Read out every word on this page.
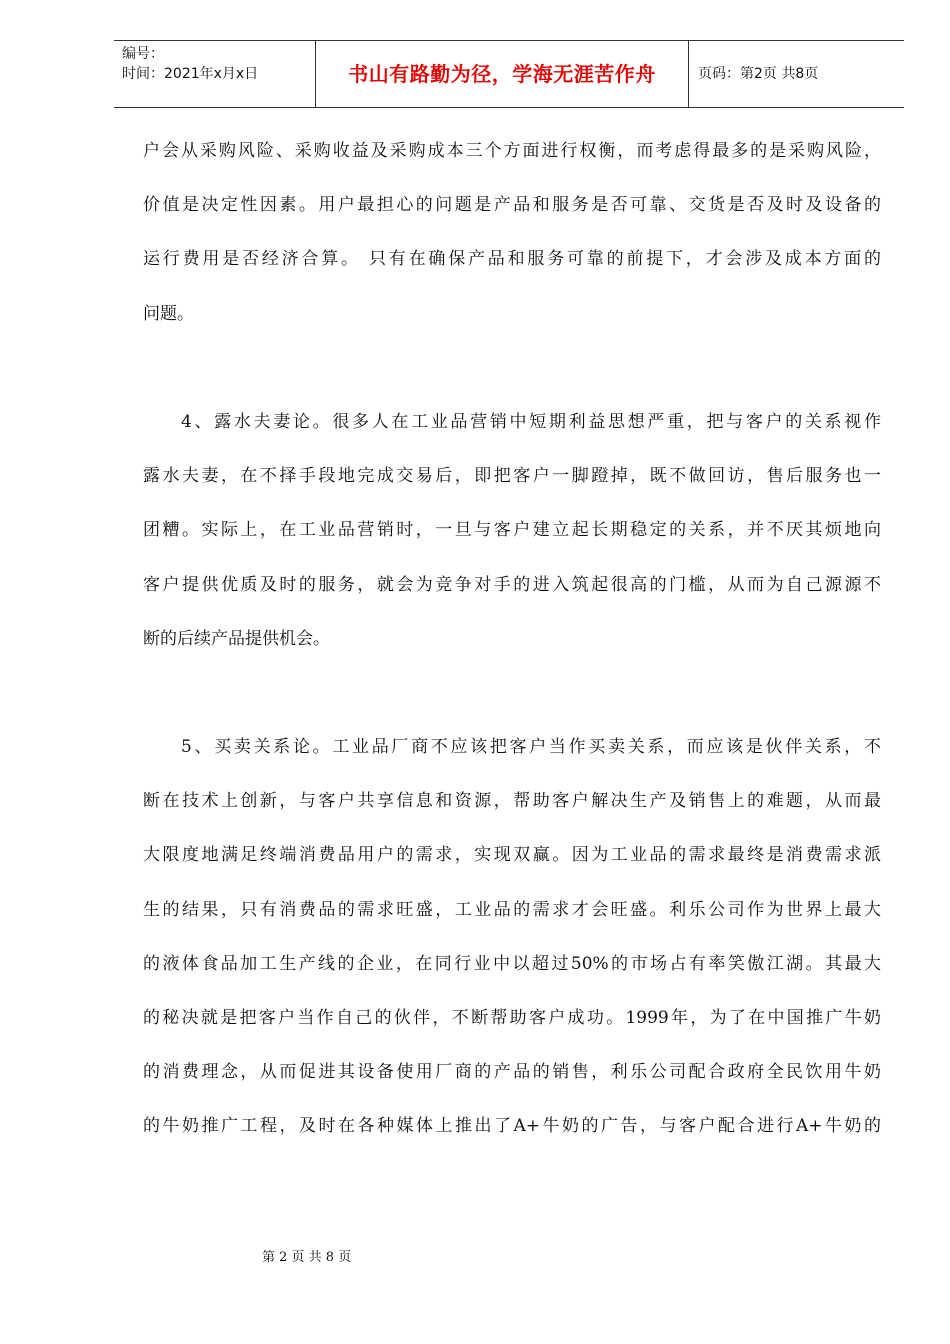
编号：
时间：2021年x月x日	书山有路勤为径，学海无涯苦作舟	页码：第2页 共8页
户会从采购风险、采购收益及采购成本三个方面进行权衡，而考虑得最多的是采购风险，
价值是决定性因素。用户最担心的问题是产品和服务是否可靠、交货是否及时及设备的
运行费用是否经济合算。 只有在确保产品和服务可靠的前提下，才会涉及成本方面的
问题。
4、露水夫妻论。很多人在工业品营销中短期利益思想严重，把与客户的关系视作
露水夫妻，在不择手段地完成交易后，即把客户一脚蹬掉，既不做回访，售后服务也一
团糟。实际上，在工业品营销时，一旦与客户建立起长期稳定的关系，并不厌其烦地向
客户提供优质及时的服务，就会为竞争对手的进入筑起很高的门槛，从而为自己源源不
断的后续产品提供机会。
5、买卖关系论。工业品厂商不应该把客户当作买卖关系，而应该是伙伴关系，不
断在技术上创新，与客户共享信息和资源，帮助客户解决生产及销售上的难题，从而最
大限度地满足终端消费品用户的需求，实现双赢。因为工业品的需求最终是消费需求派
生的结果，只有消费品的需求旺盛，工业品的需求才会旺盛。利乐公司作为世界上最大
的液体食品加工生产线的企业，在同行业中以超过50%的市场占有率笑傲江湖。其最大
的秘决就是把客户当作自己的伙伴，不断帮助客户成功。1999年，为了在中国推广牛奶
的消费理念，从而促进其设备使用厂商的产品的销售，利乐公司配合政府全民饮用牛奶
的牛奶推广工程，及时在各种媒体上推出了A+牛奶的广告，与客户配合进行A+牛奶的
第 2 页 共 8 页
